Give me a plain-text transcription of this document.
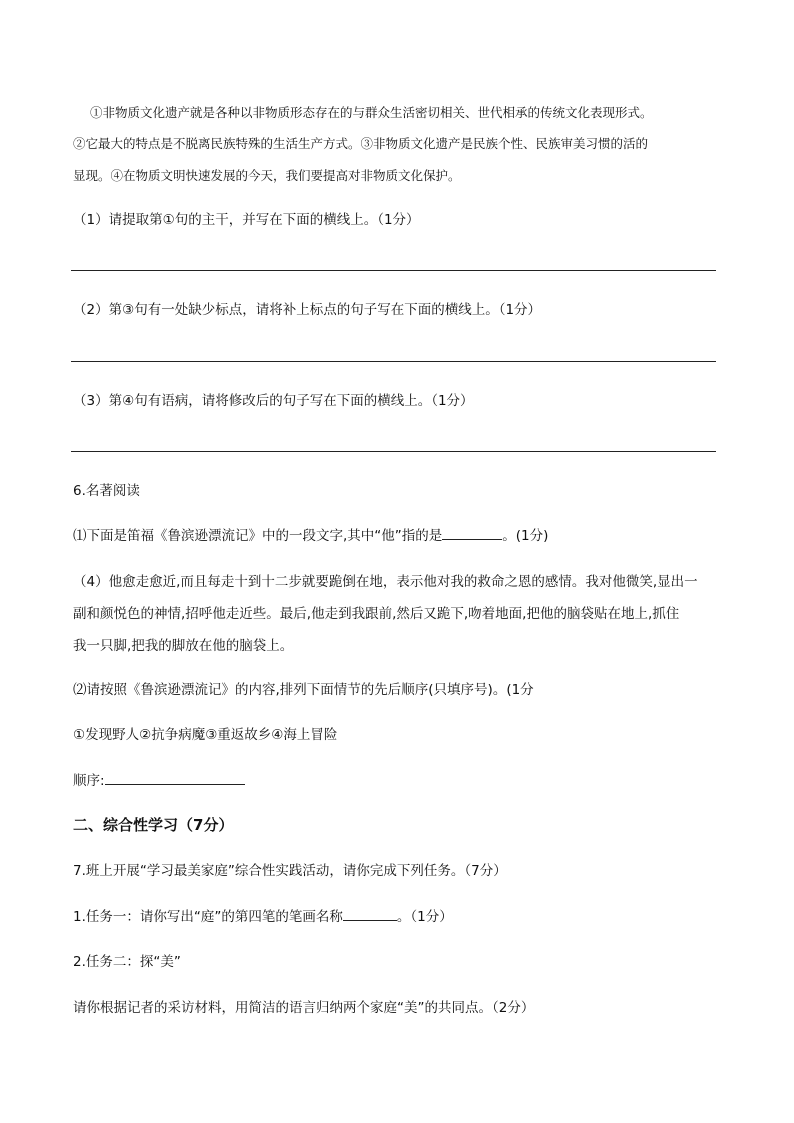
①非物质文化遗产就是各种以非物质形态存在的与群众生活密切相关、世代相承的传统文化表现形式。
②它最大的特点是不脱离民族特殊的生活生产方式。③非物质文化遗产是民族个性、民族审美习惯的活的
显现。④在物质文明快速发展的今天，我们要提高对非物质文化保护。
（1）请提取第①句的主干，并写在下面的横线上。（1分）
（2）第③句有一处缺少标点，请将补上标点的句子写在下面的横线上。（1分）
（3）第④句有语病，请将修改后的句子写在下面的横线上。（1分）
6.名著阅读
⑴下面是笛福《鲁滨逊漂流记》中的一段文字,其中“他”指的是	。(1分)
（4）他愈走愈近,而且每走十到十二步就要跪倒在地，表示他对我的救命之恩的感情。我对他微笑,显出一
副和颜悦色的神情,招呼他走近些。最后,他走到我跟前,然后又跪下,吻着地面,把他的脑袋贴在地上,抓住
我一只脚,把我的脚放在他的脑袋上。
⑵请按照《鲁滨逊漂流记》的内容,排列下面情节的先后顺序(只填序号)。(1分
①发现野人②抗争病魔③重返故乡④海上冒险
顺序:
二、综合性学习（7分）
7.班上开展“学习最美家庭”综合性实践活动，请你完成下列任务。（7分）
1.任务一：请你写出“庭”的第四笔的笔画名称	。（1分）
2.任务二：探“美”
请你根据记者的采访材料，用简洁的语言归纳两个家庭“美”的共同点。（2分）
